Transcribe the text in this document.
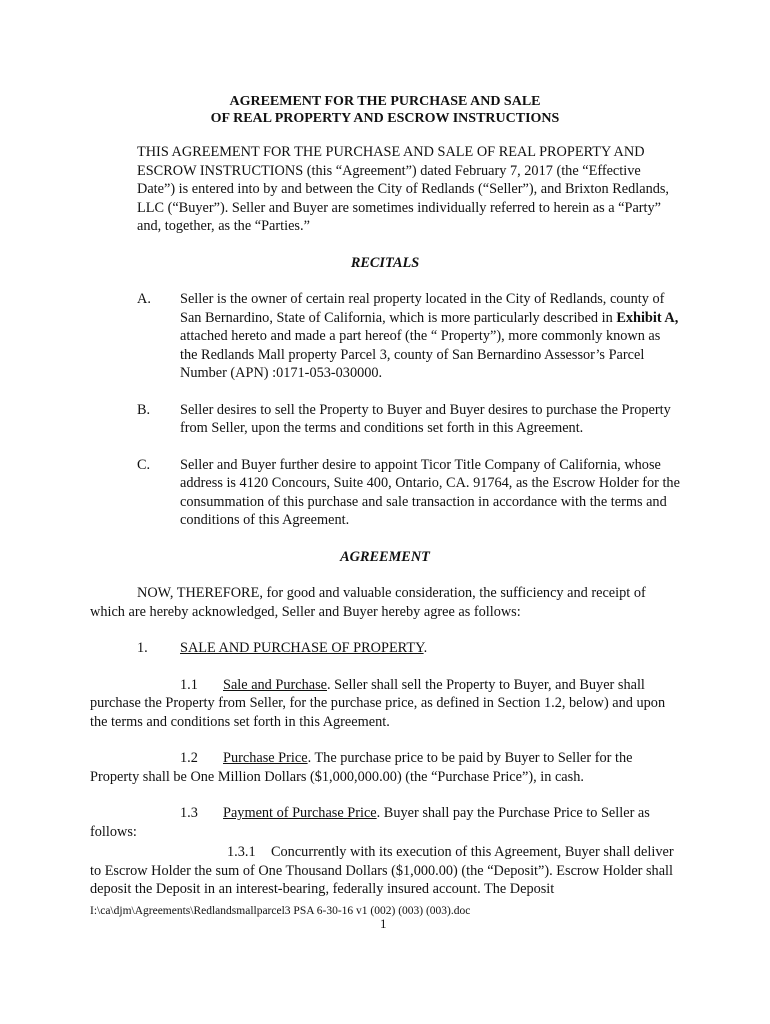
AGREEMENT FOR THE PURCHASE AND SALE
OF REAL PROPERTY AND ESCROW INSTRUCTIONS
THIS AGREEMENT FOR THE PURCHASE AND SALE OF REAL PROPERTY AND ESCROW INSTRUCTIONS (this “Agreement”) dated February 7, 2017 (the “Effective Date”) is entered into by and between the City of Redlands (“Seller”), and Brixton Redlands, LLC (“Buyer”). Seller and Buyer are sometimes individually referred to herein as a “Party” and, together, as the “Parties.”
RECITALS
A.	Seller is the owner of certain real property located in the City of Redlands, county of San Bernardino, State of California, which is more particularly described in Exhibit A, attached hereto and made a part hereof (the “ Property”), more commonly known as the Redlands Mall property Parcel 3, county of San Bernardino Assessor’s Parcel Number (APN) :0171-053-030000.
B.	Seller desires to sell the Property to Buyer and Buyer desires to purchase the Property from Seller, upon the terms and conditions set forth in this Agreement.
C.	Seller and Buyer further desire to appoint Ticor Title Company of California, whose address is 4120 Concours, Suite 400, Ontario, CA. 91764, as the Escrow Holder for the consummation of this purchase and sale transaction in accordance with the terms and conditions of this Agreement.
AGREEMENT
NOW, THEREFORE, for good and valuable consideration, the sufficiency and receipt of which are hereby acknowledged, Seller and Buyer hereby agree as follows:
1.	SALE AND PURCHASE OF PROPERTY.
1.1 Sale and Purchase. Seller shall sell the Property to Buyer, and Buyer shall purchase the Property from Seller, for the purchase price, as defined in Section 1.2, below) and upon the terms and conditions set forth in this Agreement.
1.2 Purchase Price. The purchase price to be paid by Buyer to Seller for the Property shall be One Million Dollars ($1,000,000.00) (the “Purchase Price”), in cash.
1.3 Payment of Purchase Price. Buyer shall pay the Purchase Price to Seller as follows:
1.3.1 Concurrently with its execution of this Agreement, Buyer shall deliver to Escrow Holder the sum of One Thousand Dollars ($1,000.00) (the “Deposit”). Escrow Holder shall deposit the Deposit in an interest-bearing, federally insured account. The Deposit
I:\ca\djm\Agreements\Redlandsmallparcel3 PSA 6-30-16 v1 (002) (003) (003).doc
1
